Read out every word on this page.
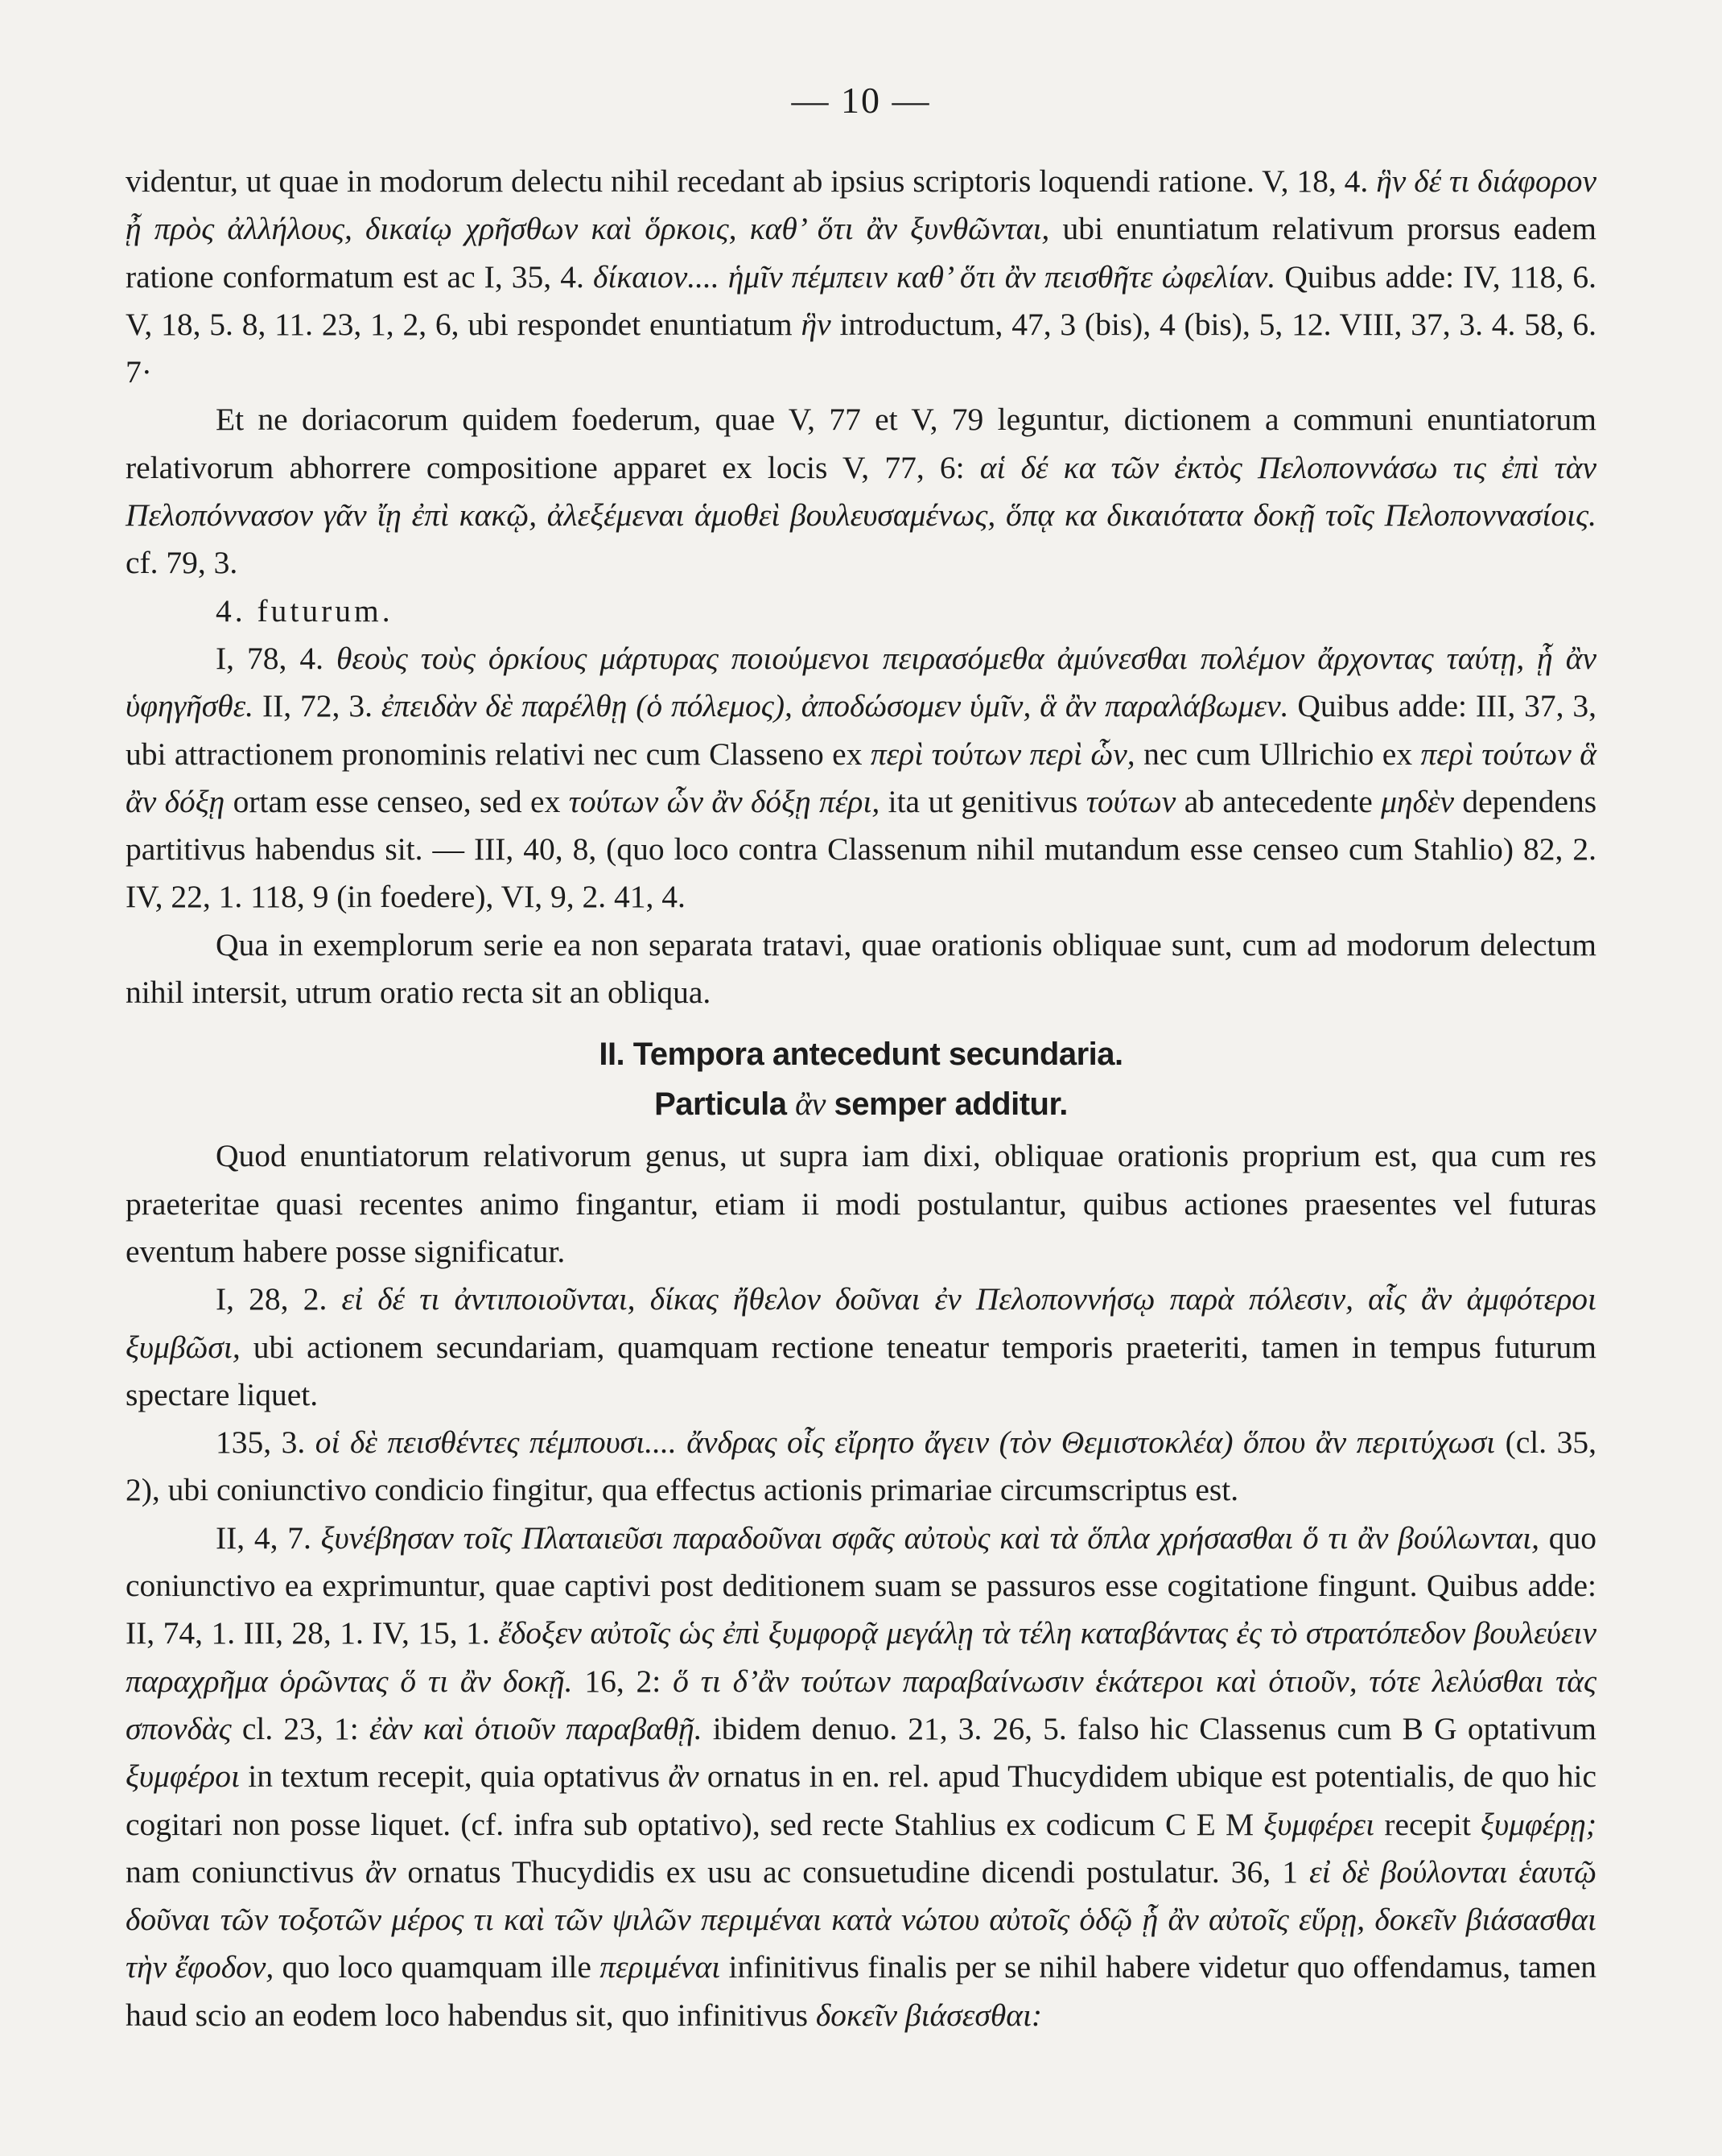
— 10 —

videntur, ut quae in modorum delectu nihil recedant ab ipsius scriptoris loquendi ratione. V, 18, 4. ἣν δέ τι διάφορον ᾖ πρὸς ἀλλήλους, δικαίῳ χρῆσθων καὶ ὅρκοις, καθ’ ὅτι ἂν ξυνθῶνται, ubi enuntiatum relativum prorsus eadem ratione conformatum est ac I, 35, 4. δίκαιον.... ἡμῖν πέμπειν καθ’ ὅτι ἂν πεισθῆτε ὠφελίαν. Quibus adde: IV, 118, 6. V, 18, 5. 8, 11. 23, 1, 2, 6, ubi respondet enuntiatum ἣν introductum, 47, 3 (bis), 4 (bis), 5, 12. VIII, 37, 3. 4. 58, 6. 7·

Et ne doriacorum quidem foederum, quae V, 77 et V, 79 leguntur, dictionem a communi enuntiatorum relativorum abhorrere compositione apparet ex locis V, 77, 6: αἱ δέ κα τῶν ἐκτὸς Πελοποννάσω τις ἐπὶ τὰν Πελοπόννασον γᾶν ἴῃ ἐπὶ κακῷ, ἀλεξέμεναι ἁμοθεὶ βουλευσαμένως, ὅπᾳ κα δικαιότατα δοκῇ τοῖς Πελοποννασίοις. cf. 79, 3.

4. futurum.

I, 78, 4. θεοὺς τοὺς ὁρκίους μάρτυρας ποιούμενοι πειρασόμεθα ἀμύνεσθαι πολέμον ἄρχοντας ταύτῃ, ᾗ ἂν ὑφηγῆσθε. II, 72, 3. ἐπειδὰν δὲ παρέλθῃ (ὁ πόλεμος), ἀποδώσομεν ὑμῖν, ἃ ἂν παραλάβωμεν. Quibus adde: III, 37, 3, ubi attractionem pronominis relativi nec cum Classeno ex περὶ τούτων περὶ ὧν, nec cum Ullrichio ex περὶ τούτων ἃ ἂν δόξῃ ortam esse censeo, sed ex τούτων ὧν ἂν δόξῃ πέρι, ita ut genitivus τούτων ab antecedente μηδὲν dependens partitivus habendus sit. — III, 40, 8, (quo loco contra Classenum nihil mutandum esse censeo cum Stahlio) 82, 2. IV, 22, 1. 118, 9 (in foedere), VI, 9, 2. 41, 4.

Qua in exemplorum serie ea non separata tratavi, quae orationis obliquae sunt, cum ad modorum delectum nihil intersit, utrum oratio recta sit an obliqua.

II. Tempora antecedunt secundaria.
Particula ἂν semper additur.

Quod enuntiatorum relativorum genus, ut supra iam dixi, obliquae orationis proprium est, qua cum res praeteritae quasi recentes animo fingantur, etiam ii modi postulantur, quibus actiones praesentes vel futuras eventum habere posse significatur.

I, 28, 2. εἰ δέ τι ἀντιποιοῦνται, δίκας ἤθελον δοῦναι ἐν Πελοποννήσῳ παρὰ πόλεσιν, αἷς ἂν ἀμφότεροι ξυμβῶσι, ubi actionem secundariam, quamquam rectione teneatur temporis praeteriti, tamen in tempus futurum spectare liquet.

135, 3. οἱ δὲ πεισθέντες πέμπουσι.... ἄνδρας οἷς εἴρητο ἄγειν (τὸν Θεμιστοκλέα) ὅπου ἂν περιτύχωσι (cl. 35, 2), ubi coniunctivo condicio fingitur, qua effectus actionis primariae circumscriptus est.

II, 4, 7. ξυνέβησαν τοῖς Πλαταιεῦσι παραδοῦναι σφᾶς αὐτοὺς καὶ τὰ ὅπλα χρήσασθαι ὅ τι ἂν βούλωνται, quo coniunctivo ea exprimuntur, quae captivi post deditionem suam se passuros esse cogitatione fingunt. Quibus adde: II, 74, 1. III, 28, 1. IV, 15, 1. ἔδοξεν αὐτοῖς ὡς ἐπὶ ξυμφορᾷ μεγάλῃ τὰ τέλη καταβάντας ἐς τὸ στρατόπεδον βουλεύειν παραχρῆμα ὁρῶντας ὅ τι ἂν δοκῇ. 16, 2: ὅ τι δ’ἂν τούτων παραβαίνωσιν ἑκάτεροι καὶ ὁτιοῦν, τότε λελύσθαι τὰς σπονδὰς cl. 23, 1: ἐὰν καὶ ὁτιοῦν παραβαθῇ. ibidem denuo. 21, 3. 26, 5. falso hic Classenus cum B G optativum ξυμφέροι in textum recepit, quia optativus ἂν ornatus in en. rel. apud Thucydidem ubique est potentialis, de quo hic cogitari non posse liquet. (cf. infra sub optativo), sed recte Stahlius ex codicum C E M ξυμφέρει recepit ξυμφέρῃ; nam coniunctivus ἂν ornatus Thucydidis ex usu ac consuetudine dicendi postulatur. 36, 1 εἰ δὲ βούλονται ἑαυτῷ δοῦναι τῶν τοξοτῶν μέρος τι καὶ τῶν ψιλῶν περιμέναι κατὰ νώτου αὐτοῖς ὁδῷ ᾗ ἂν αὐτοῖς εὕρῃ, δοκεῖν βιάσασθαι τὴν ἔφοδον, quo loco quamquam ille περιμέναι infinitivus finalis per se nihil habere videtur quo offendamus, tamen haud scio an eodem loco habendus sit, quo infinitivus δοκεῖν βιάσεσθαι:
